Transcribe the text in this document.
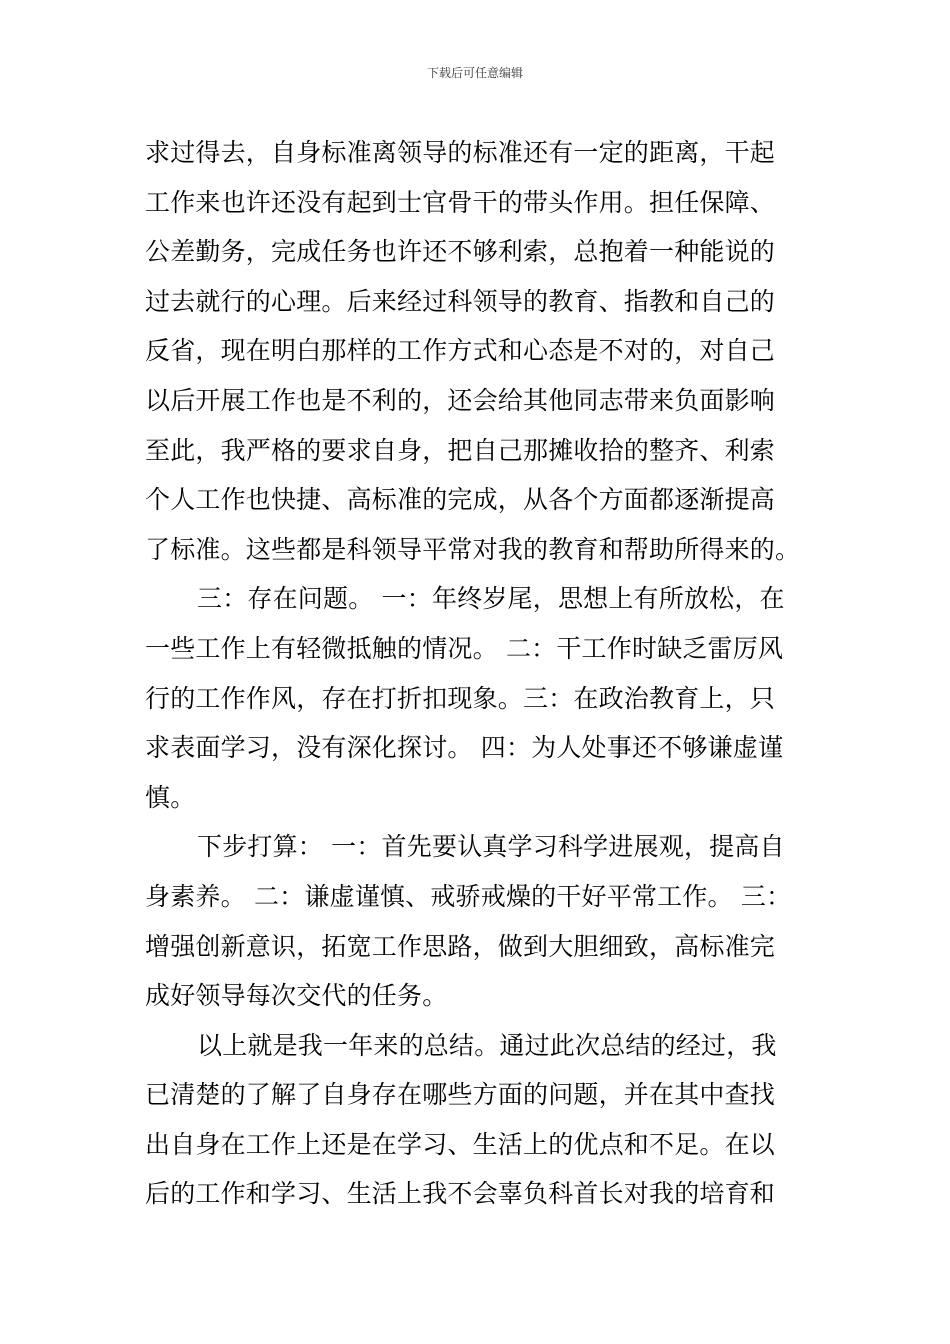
下载后可任意编辑
求过得去，自身标准离领导的标准还有一定的距离，干起
工作来也许还没有起到士官骨干的带头作用。担任保障、
公差勤务，完成任务也许还不够利索，总抱着一种能说的
过去就行的心理。后来经过科领导的教育、指教和自己的
反省，现在明白那样的工作方式和心态是不对的，对自己
以后开展工作也是不利的，还会给其他同志带来负面影响
至此，我严格的要求自身，把自己那摊收拾的整齐、利索
个人工作也快捷、高标准的完成，从各个方面都逐渐提高
了标准。这些都是科领导平常对我的教育和帮助所得来的。
三：存在问题。 一：年终岁尾，思想上有所放松，在
一些工作上有轻微抵触的情况。 二：干工作时缺乏雷厉风
行的工作作风，存在打折扣现象。三：在政治教育上，只
求表面学习，没有深化探讨。 四：为人处事还不够谦虚谨
慎。
下步打算： 一：首先要认真学习科学进展观，提高自
身素养。 二：谦虚谨慎、戒骄戒燥的干好平常工作。 三：
增强创新意识，拓宽工作思路，做到大胆细致，高标准完
成好领导每次交代的任务。
以上就是我一年来的总结。通过此次总结的经过，我
已清楚的了解了自身存在哪些方面的问题，并在其中查找
出自身在工作上还是在学习、生活上的优点和不足。在以
后的工作和学习、生活上我不会辜负科首长对我的培育和
